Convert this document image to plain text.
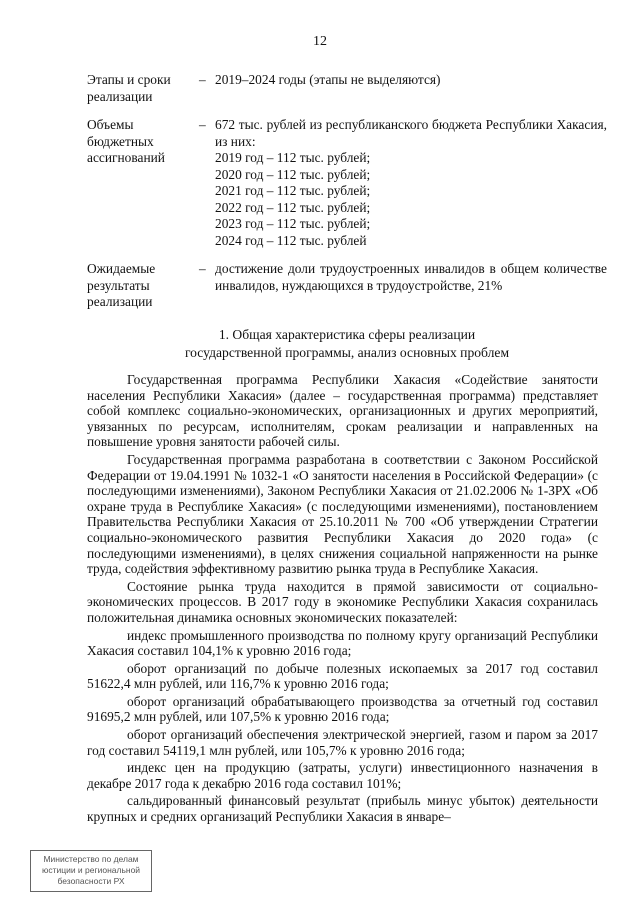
12
Этапы и сроки реализации
– 2019–2024 годы (этапы не выделяются)
Объемы бюджетных ассигнований
– 672 тыс. рублей из республиканского бюджета Республики Хакасия, из них:
2019 год – 112 тыс. рублей;
2020 год – 112 тыс. рублей;
2021 год – 112 тыс. рублей;
2022 год – 112 тыс. рублей;
2023 год – 112 тыс. рублей;
2024 год – 112 тыс. рублей
Ожидаемые результаты реализации
– достижение доли трудоустроенных инвалидов в общем количестве инвалидов, нуждающихся в трудоустройстве, 21%
1. Общая характеристика сферы реализации
государственной программы, анализ основных проблем

Государственная программа Республики Хакасия «Содействие занятости населения Республики Хакасия» (далее – государственная программа) представляет собой комплекс социально-экономических, организационных и других мероприятий, увязанных по ресурсам, исполнителям, срокам реализации и направленных на повышение уровня занятости рабочей силы.

Государственная программа разработана в соответствии с Законом Российской Федерации от 19.04.1991 № 1032-1 «О занятости населения в Российской Федерации» (с последующими изменениями), Законом Республики Хакасия от 21.02.2006 № 1-ЗРХ «Об охране труда в Республике Хакасия» (с последующими изменениями), постановлением Правительства Республики Хакасия от 25.10.2011 № 700 «Об утверждении Стратегии социально-экономического развития Республики Хакасия до 2020 года» (с последующими изменениями), в целях снижения социальной напряженности на рынке труда, содействия эффективному развитию рынка труда в Республике Хакасия.

Состояние рынка труда находится в прямой зависимости от социально-экономических процессов. В 2017 году в экономике Республики Хакасия сохранилась положительная динамика основных экономических показателей:

индекс промышленного производства по полному кругу организаций Республики Хакасия составил 104,1% к уровню 2016 года;

оборот организаций по добыче полезных ископаемых за 2017 год составил 51622,4 млн рублей, или 116,7% к уровню 2016 года;

оборот организаций обрабатывающего производства за отчетный год составил 91695,2 млн рублей, или 107,5% к уровню 2016 года;

оборот организаций обеспечения электрической энергией, газом и паром за 2017 год составил 54119,1 млн рублей, или 105,7% к уровню 2016 года;

индекс цен на продукцию (затраты, услуги) инвестиционного назначения в декабре 2017 года к декабрю 2016 года составил 101%;

сальдированный финансовый результат (прибыль минус убыток) деятельности крупных и средних организаций Республики Хакасия в январе–

Министерство по делам
юстиции и региональной
безопасности РХ
